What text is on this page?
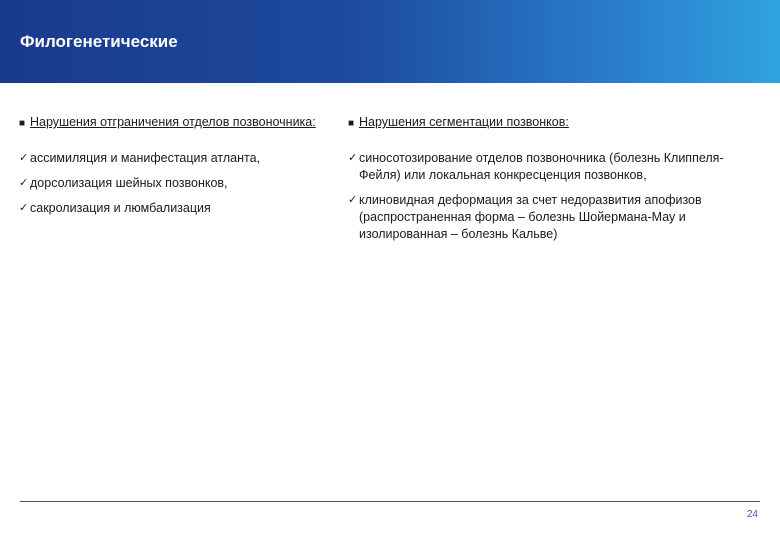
Филогенетические
■ Нарушения отграничения отделов позвоночника:
✓ ассимиляция и манифестация атланта,
✓ дорсолизация шейных позвонков,
✓ сакролизация и люмбализация
■ Нарушения сегментации позвонков:
✓ синосотозирование отделов позвоночника (болезнь Клиппеля-Фейля) или локальная конкресценция позвонков,
✓ клиновидная деформация за счет недоразвития апофизов (распространенная форма – болезнь Шойермана-Мау и изолированная – болезнь Кальве)
24
